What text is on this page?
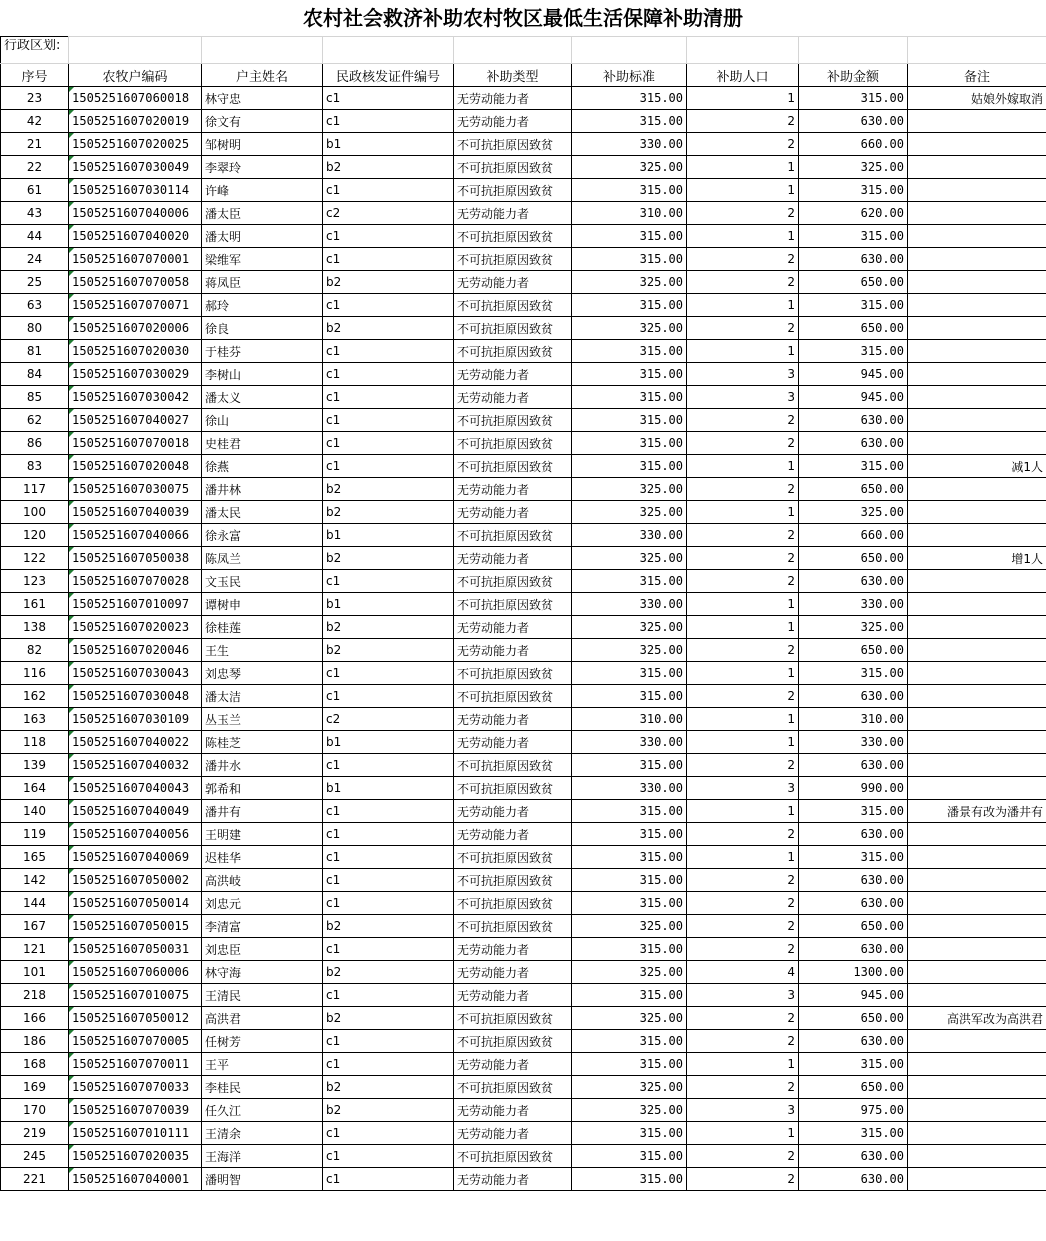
农村社会救济补助农村牧区最低生活保障补助清册
行政区划:								

序号	农牧户编码	户主姓名	民政核发证件编号	补助类型	补助标准	补助人口	补助金额	备注
23	1505251607060018	林守忠	c1	无劳动能力者	315.00	1	315.00	姑娘外嫁取消
42	1505251607020019	徐文有	c1	无劳动能力者	315.00	2	630.00	
21	1505251607020025	邹树明	b1	不可抗拒原因致贫	330.00	2	660.00	
22	1505251607030049	李翠玲	b2	不可抗拒原因致贫	325.00	1	325.00	
61	1505251607030114	许峰	c1	不可抗拒原因致贫	315.00	1	315.00	
43	1505251607040006	潘太臣	c2	无劳动能力者	310.00	2	620.00	
44	1505251607040020	潘太明	c1	不可抗拒原因致贫	315.00	1	315.00	
24	1505251607070001	梁维军	c1	不可抗拒原因致贫	315.00	2	630.00	
25	1505251607070058	蒋凤臣	b2	无劳动能力者	325.00	2	650.00	
63	1505251607070071	郝玲	c1	不可抗拒原因致贫	315.00	1	315.00	
80	1505251607020006	徐良	b2	不可抗拒原因致贫	325.00	2	650.00	
81	1505251607020030	于桂芬	c1	不可抗拒原因致贫	315.00	1	315.00	
84	1505251607030029	李树山	c1	无劳动能力者	315.00	3	945.00	
85	1505251607030042	潘太义	c1	无劳动能力者	315.00	3	945.00	
62	1505251607040027	徐山	c1	不可抗拒原因致贫	315.00	2	630.00	
86	1505251607070018	史桂君	c1	不可抗拒原因致贫	315.00	2	630.00	
83	1505251607020048	徐燕	c1	不可抗拒原因致贫	315.00	1	315.00	减1人
117	1505251607030075	潘井林	b2	无劳动能力者	325.00	2	650.00	
100	1505251607040039	潘太民	b2	无劳动能力者	325.00	1	325.00	
120	1505251607040066	徐永富	b1	不可抗拒原因致贫	330.00	2	660.00	
122	1505251607050038	陈凤兰	b2	无劳动能力者	325.00	2	650.00	增1人
123	1505251607070028	文玉民	c1	不可抗拒原因致贫	315.00	2	630.00	
161	1505251607010097	谭树申	b1	不可抗拒原因致贫	330.00	1	330.00	
138	1505251607020023	徐桂莲	b2	无劳动能力者	325.00	1	325.00	
82	1505251607020046	王生	b2	无劳动能力者	325.00	2	650.00	
116	1505251607030043	刘忠琴	c1	不可抗拒原因致贫	315.00	1	315.00	
162	1505251607030048	潘太洁	c1	不可抗拒原因致贫	315.00	2	630.00	
163	1505251607030109	丛玉兰	c2	无劳动能力者	310.00	1	310.00	
118	1505251607040022	陈桂芝	b1	无劳动能力者	330.00	1	330.00	
139	1505251607040032	潘井水	c1	不可抗拒原因致贫	315.00	2	630.00	
164	1505251607040043	郭希和	b1	不可抗拒原因致贫	330.00	3	990.00	
140	1505251607040049	潘井有	c1	无劳动能力者	315.00	1	315.00	潘景有改为潘井有
119	1505251607040056	王明建	c1	无劳动能力者	315.00	2	630.00	
165	1505251607040069	迟桂华	c1	不可抗拒原因致贫	315.00	1	315.00	
142	1505251607050002	高洪岐	c1	不可抗拒原因致贫	315.00	2	630.00	
144	1505251607050014	刘忠元	c1	不可抗拒原因致贫	315.00	2	630.00	
167	1505251607050015	李清富	b2	不可抗拒原因致贫	325.00	2	650.00	
121	1505251607050031	刘忠臣	c1	无劳动能力者	315.00	2	630.00	
101	1505251607060006	林守海	b2	无劳动能力者	325.00	4	1300.00	
218	1505251607010075	王清民	c1	无劳动能力者	315.00	3	945.00	
166	1505251607050012	高洪君	b2	不可抗拒原因致贫	325.00	2	650.00	高洪军改为高洪君
186	1505251607070005	任树芳	c1	不可抗拒原因致贫	315.00	2	630.00	
168	1505251607070011	王平	c1	无劳动能力者	315.00	1	315.00	
169	1505251607070033	李桂民	b2	不可抗拒原因致贫	325.00	2	650.00	
170	1505251607070039	任久江	b2	无劳动能力者	325.00	3	975.00	
219	1505251607010111	王清余	c1	无劳动能力者	315.00	1	315.00	
245	1505251607020035	王海洋	c1	不可抗拒原因致贫	315.00	2	630.00	
221	1505251607040001	潘明智	c1	无劳动能力者	315.00	2	630.00	
